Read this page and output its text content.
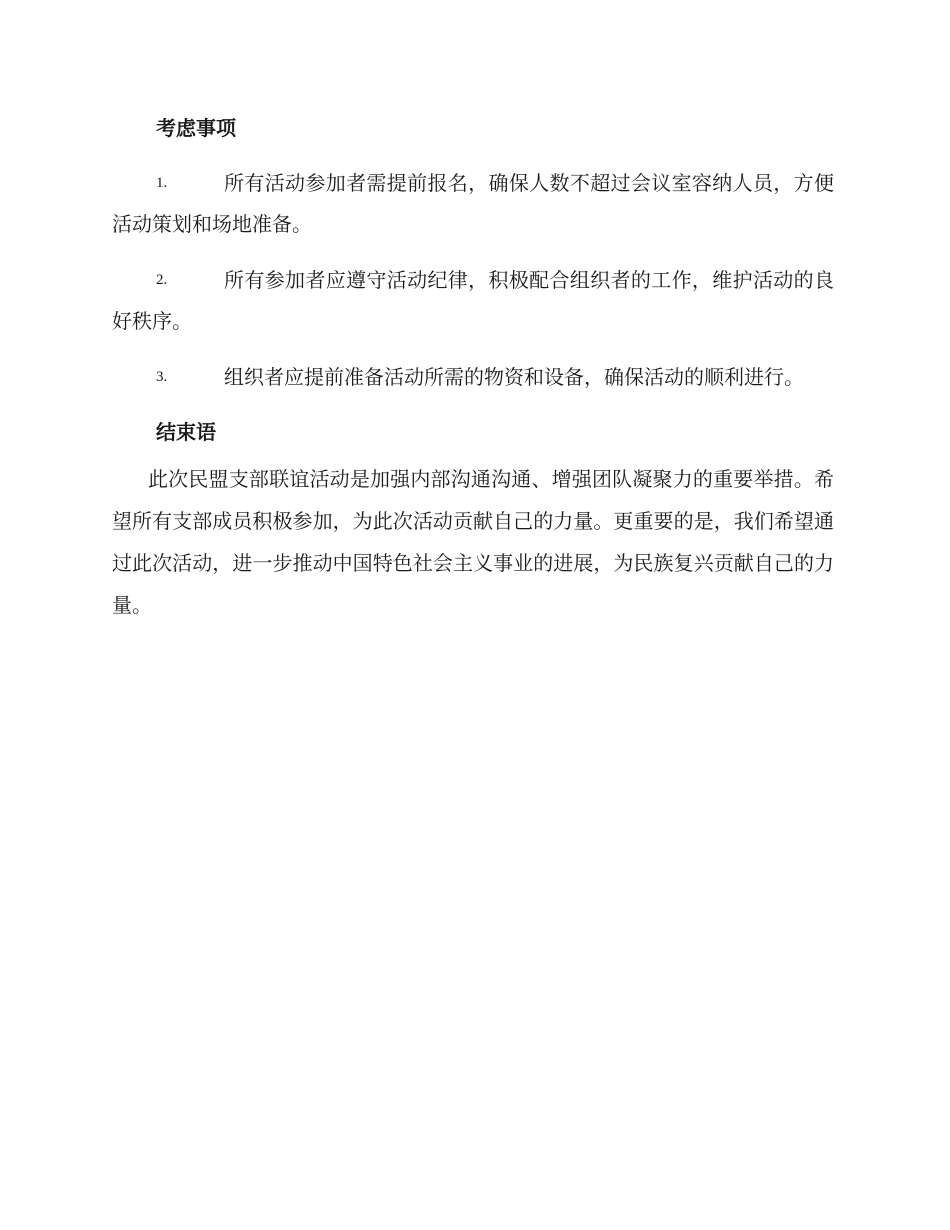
考虑事项
1.	所有活动参加者需提前报名，确保人数不超过会议室容纳人员，方便活动策划和场地准备。
2.	所有参加者应遵守活动纪律，积极配合组织者的工作，维护活动的良好秩序。
3.	组织者应提前准备活动所需的物资和设备，确保活动的顺利进行。
结束语
此次民盟支部联谊活动是加强内部沟通沟通、增强团队凝聚力的重要举措。希望所有支部成员积极参加，为此次活动贡献自己的力量。更重要的是，我们希望通过此次活动，进一步推动中国特色社会主义事业的进展，为民族复兴贡献自己的力量。
